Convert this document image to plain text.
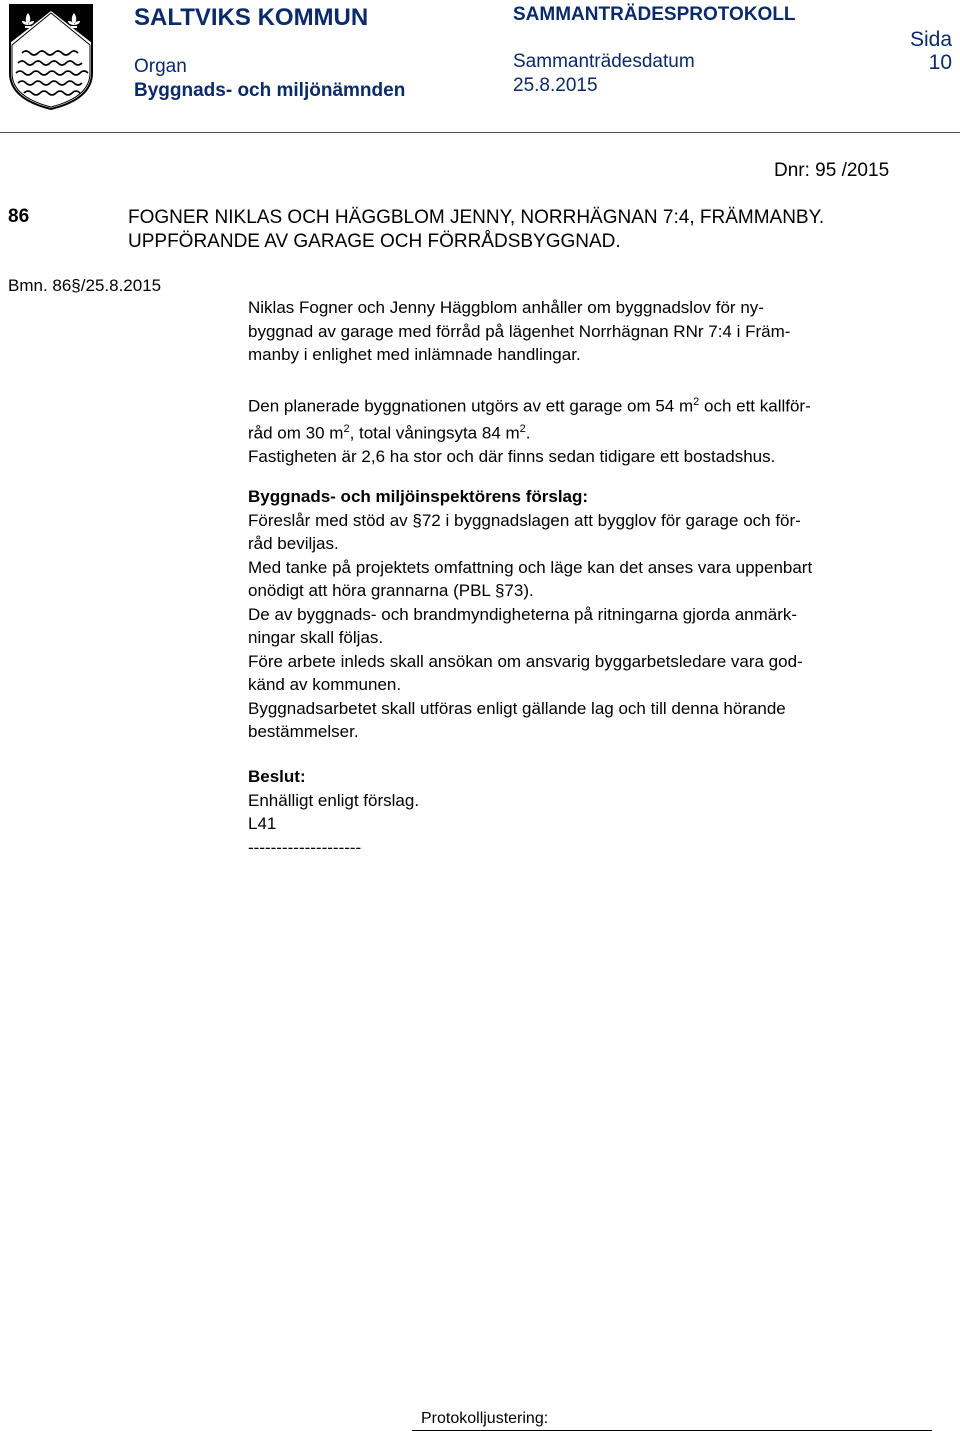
SALTVIKS KOMMUN
Organ
Byggnads- och miljönämnden
SAMMANTRÄDESPROTOKOLL
Sammanträdesdatum
25.8.2015
Sida
10
Dnr: 95 /2015
86	FOGNER NIKLAS OCH HÄGGBLOM JENNY, NORRHÄGNAN 7:4, FRÄMMANBY.
UPPFÖRANDE AV GARAGE OCH FÖRRÅDSBYGGNAD.
Bmn. 86§/25.8.2015

Niklas Fogner och Jenny Häggblom anhåller om byggnadslov för ny-

byggnad av garage med förråd på lägenhet Norrhägnan RNr 7:4 i Främ-

manby i enlighet med inlämnade handlingar.

Den planerade byggnationen utgörs av ett garage om 54 $m^2$ och ett kallför-

råd om 30 $m^2$, total våningsyta 84 $m^2$.

Fastigheten är 2,6 ha stor och där finns sedan tidigare ett bostadshus.

Byggnads- och miljöinspektörens förslag:

Föreslår med stöd av §72 i byggnadslagen att bygglov för garage och för-

råd beviljas.

Med tanke på projektets omfattning och läge kan det anses vara uppenbart

onödigt att höra grannarna (PBL §73).

De av byggnads- och brandmyndigheterna på ritningarna gjorda anmärk-

ningar skall följas.

Före arbete inleds skall ansökan om ansvarig byggarbetsledare vara god-

känd av kommunen.

Byggnadsarbetet skall utföras enligt gällande lag och till denna hörande

bestämmelser.

Beslut:

Enhälligt enligt förslag.

L41

--------------------

Protokolljustering:
